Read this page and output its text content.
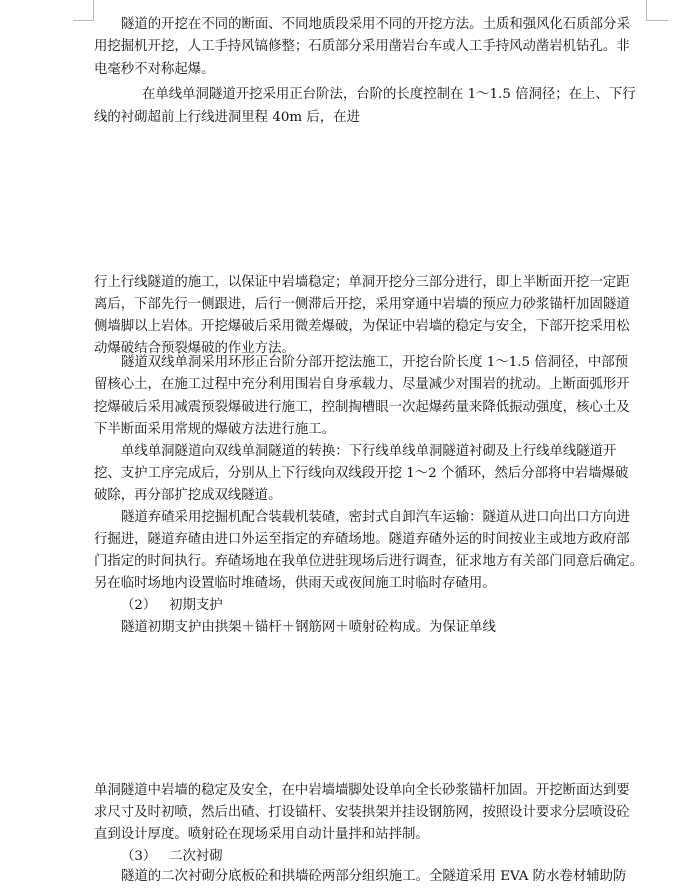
隧道的开挖在不同的断面、不同地质段采用不同的开挖方法。土质和强风化石质部分采
用挖掘机开挖，人工手持风镐修整；石质部分采用凿岩台车或人工手持风动凿岩机钻孔。非
电毫秒不对称起爆。
在单线单洞隧道开挖采用正台阶法，台阶的长度控制在 1～1.5 倍洞径；在上、下行
线的衬砌超前上行线进洞里程 40m 后，在进
行上行线隧道的施工，以保证中岩墙稳定；单洞开挖分三部分进行，即上半断面开挖一定距
离后，下部先行一侧跟进，后行一侧滞后开挖，采用穿通中岩墙的预应力砂浆锚杆加固隧道
侧墙脚以上岩体。开挖爆破后采用微差爆破，为保证中岩墙的稳定与安全，下部开挖采用松
动爆破结合预裂爆破的作业方法。
隧道双线单洞采用环形正台阶分部开挖法施工，开挖台阶长度 1～1.5 倍洞径，中部预
留核心土，在施工过程中充分利用围岩自身承载力、尽量减少对围岩的扰动。上断面弧形开
挖爆破后采用减震预裂爆破进行施工，控制掏槽眼一次起爆药量来降低振动强度，核心土及
下半断面采用常规的爆破方法进行施工。
单线单洞隧道向双线单洞隧道的转换：下行线单线单洞隧道衬砌及上行线单线隧道开
挖、支护工序完成后，分别从上下行线向双线段开挖 1～2 个循环，然后分部将中岩墙爆破
破除，再分部扩挖成双线隧道。
隧道弃碴采用挖掘机配合装载机装碴，密封式自卸汽车运输：隧道从进口向出口方向进
行掘进，隧道弃碴由进口外运至指定的弃碴场地。隧道弃碴外运的时间按业主或地方政府部
门指定的时间执行。弃碴场地在我单位进驻现场后进行调查，征求地方有关部门同意后确定。
另在临时场地内设置临时堆碴场，供雨天或夜间施工时临时存碴用。
（2）   初期支护
隧道初期支护由拱架＋锚杆＋钢筋网＋喷射砼构成。为保证单线
单洞隧道中岩墙的稳定及安全，在中岩墙墙脚处设单向全长砂浆锚杆加固。开挖断面达到要
求尺寸及时初喷，然后出碴、打设锚杆、安装拱架并挂设钢筋网，按照设计要求分层喷设砼
直到设计厚度。喷射砼在现场采用自动计量拌和站拌制。
（3）   二次衬砌
隧道的二次衬砌分底板砼和拱墙砼两部分组织施工。全隧道采用 EVA 防水卷材辅助防
